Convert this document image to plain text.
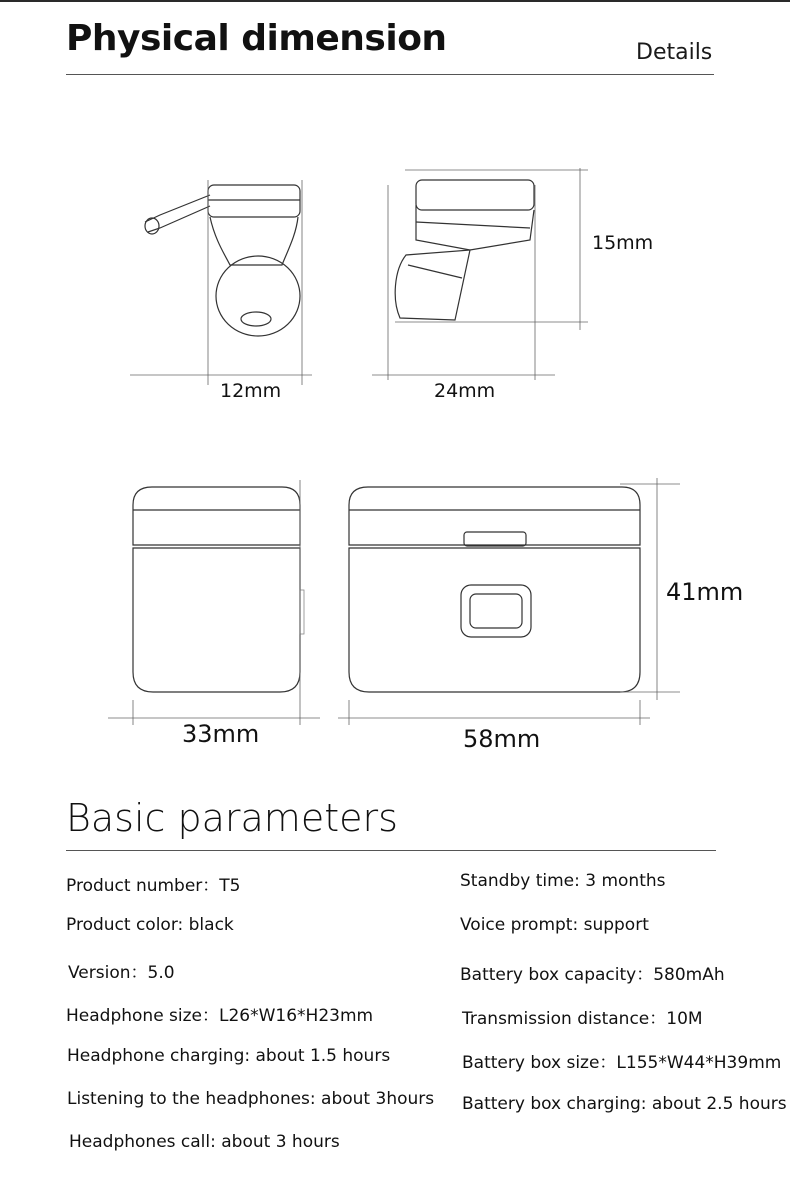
Physical dimension	Details
12mm	24mm
15mm
33mm	58mm
41mm
Basic parameters
Product number：T5
Product color: black
Version：5.0
Headphone size：L26*W16*H23mm
Headphone charging: about 1.5 hours
Listening to the headphones: about 3hours
Headphones call: about 3 hours
Standby time: 3 months
Voice prompt: support
Battery box capacity：580mAh
Transmission distance：10M
Battery box size：L155*W44*H39mm
Battery box charging: about 2.5 hours
